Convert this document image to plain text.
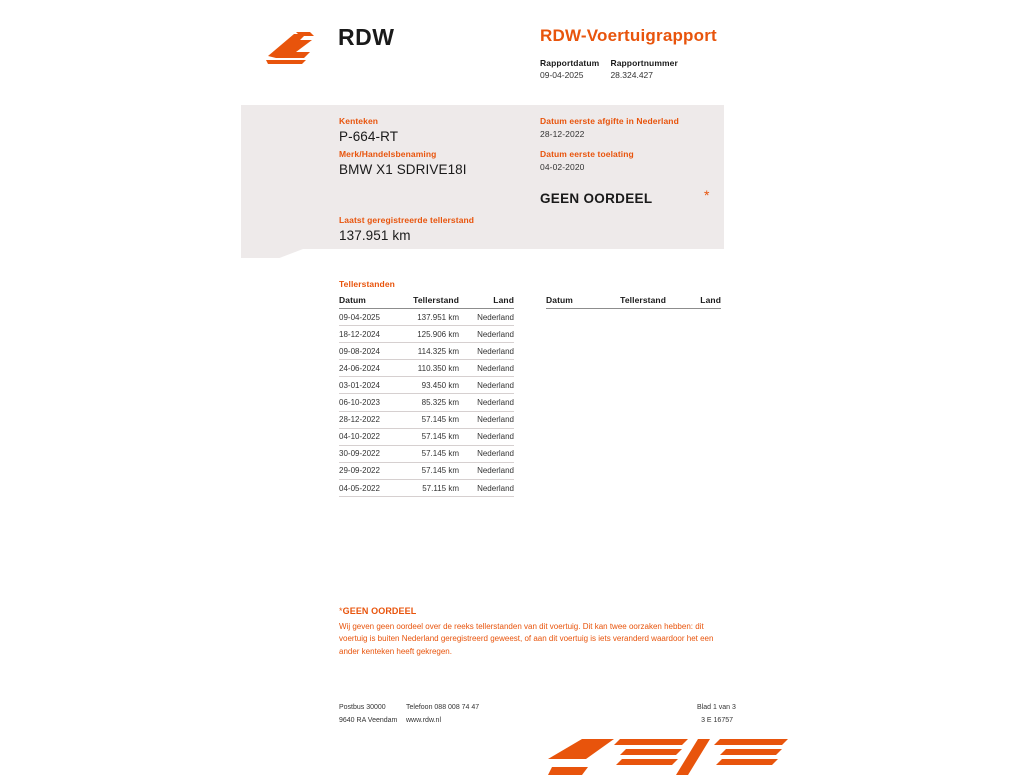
RDW	RDW-Voertuigrapport
Rapportdatum
09-04-2025

Rapportnummer
28.324.427
Kenteken
P-664-RT
Merk/Handelsbenaming
BMW X1 SDRIVE18I
Laatst geregistreerde tellerstand
137.951 km
Datum eerste afgifte in Nederland
28-12-2022
Datum eerste toelating
04-02-2020
GEEN OORDEEL	*
Tellerstanden
Datum	Tellerstand	Land
09-04-2025	137.951 km	Nederland
18-12-2024	125.906 km	Nederland
09-08-2024	114.325 km	Nederland
24-06-2024	110.350 km	Nederland
03-01-2024	93.450 km	Nederland
06-10-2023	85.325 km	Nederland
28-12-2022	57.145 km	Nederland
04-10-2022	57.145 km	Nederland
30-09-2022	57.145 km	Nederland
29-09-2022	57.145 km	Nederland
04-05-2022	57.115 km	Nederland
Datum	Tellerstand	Land
*GEEN OORDEEL
Wij geven geen oordeel over de reeks tellerstanden van dit voertuig. Dit kan twee oorzaken hebben: dit voertuig is buiten Nederland geregistreerd geweest, of aan dit voertuig is iets veranderd waardoor het een ander kenteken heeft gekregen.
Postbus 30000	Telefoon 088 008 74 47
9640 RA Veendam www.rdw.nl
Blad 1 van 3
3 E 16757
